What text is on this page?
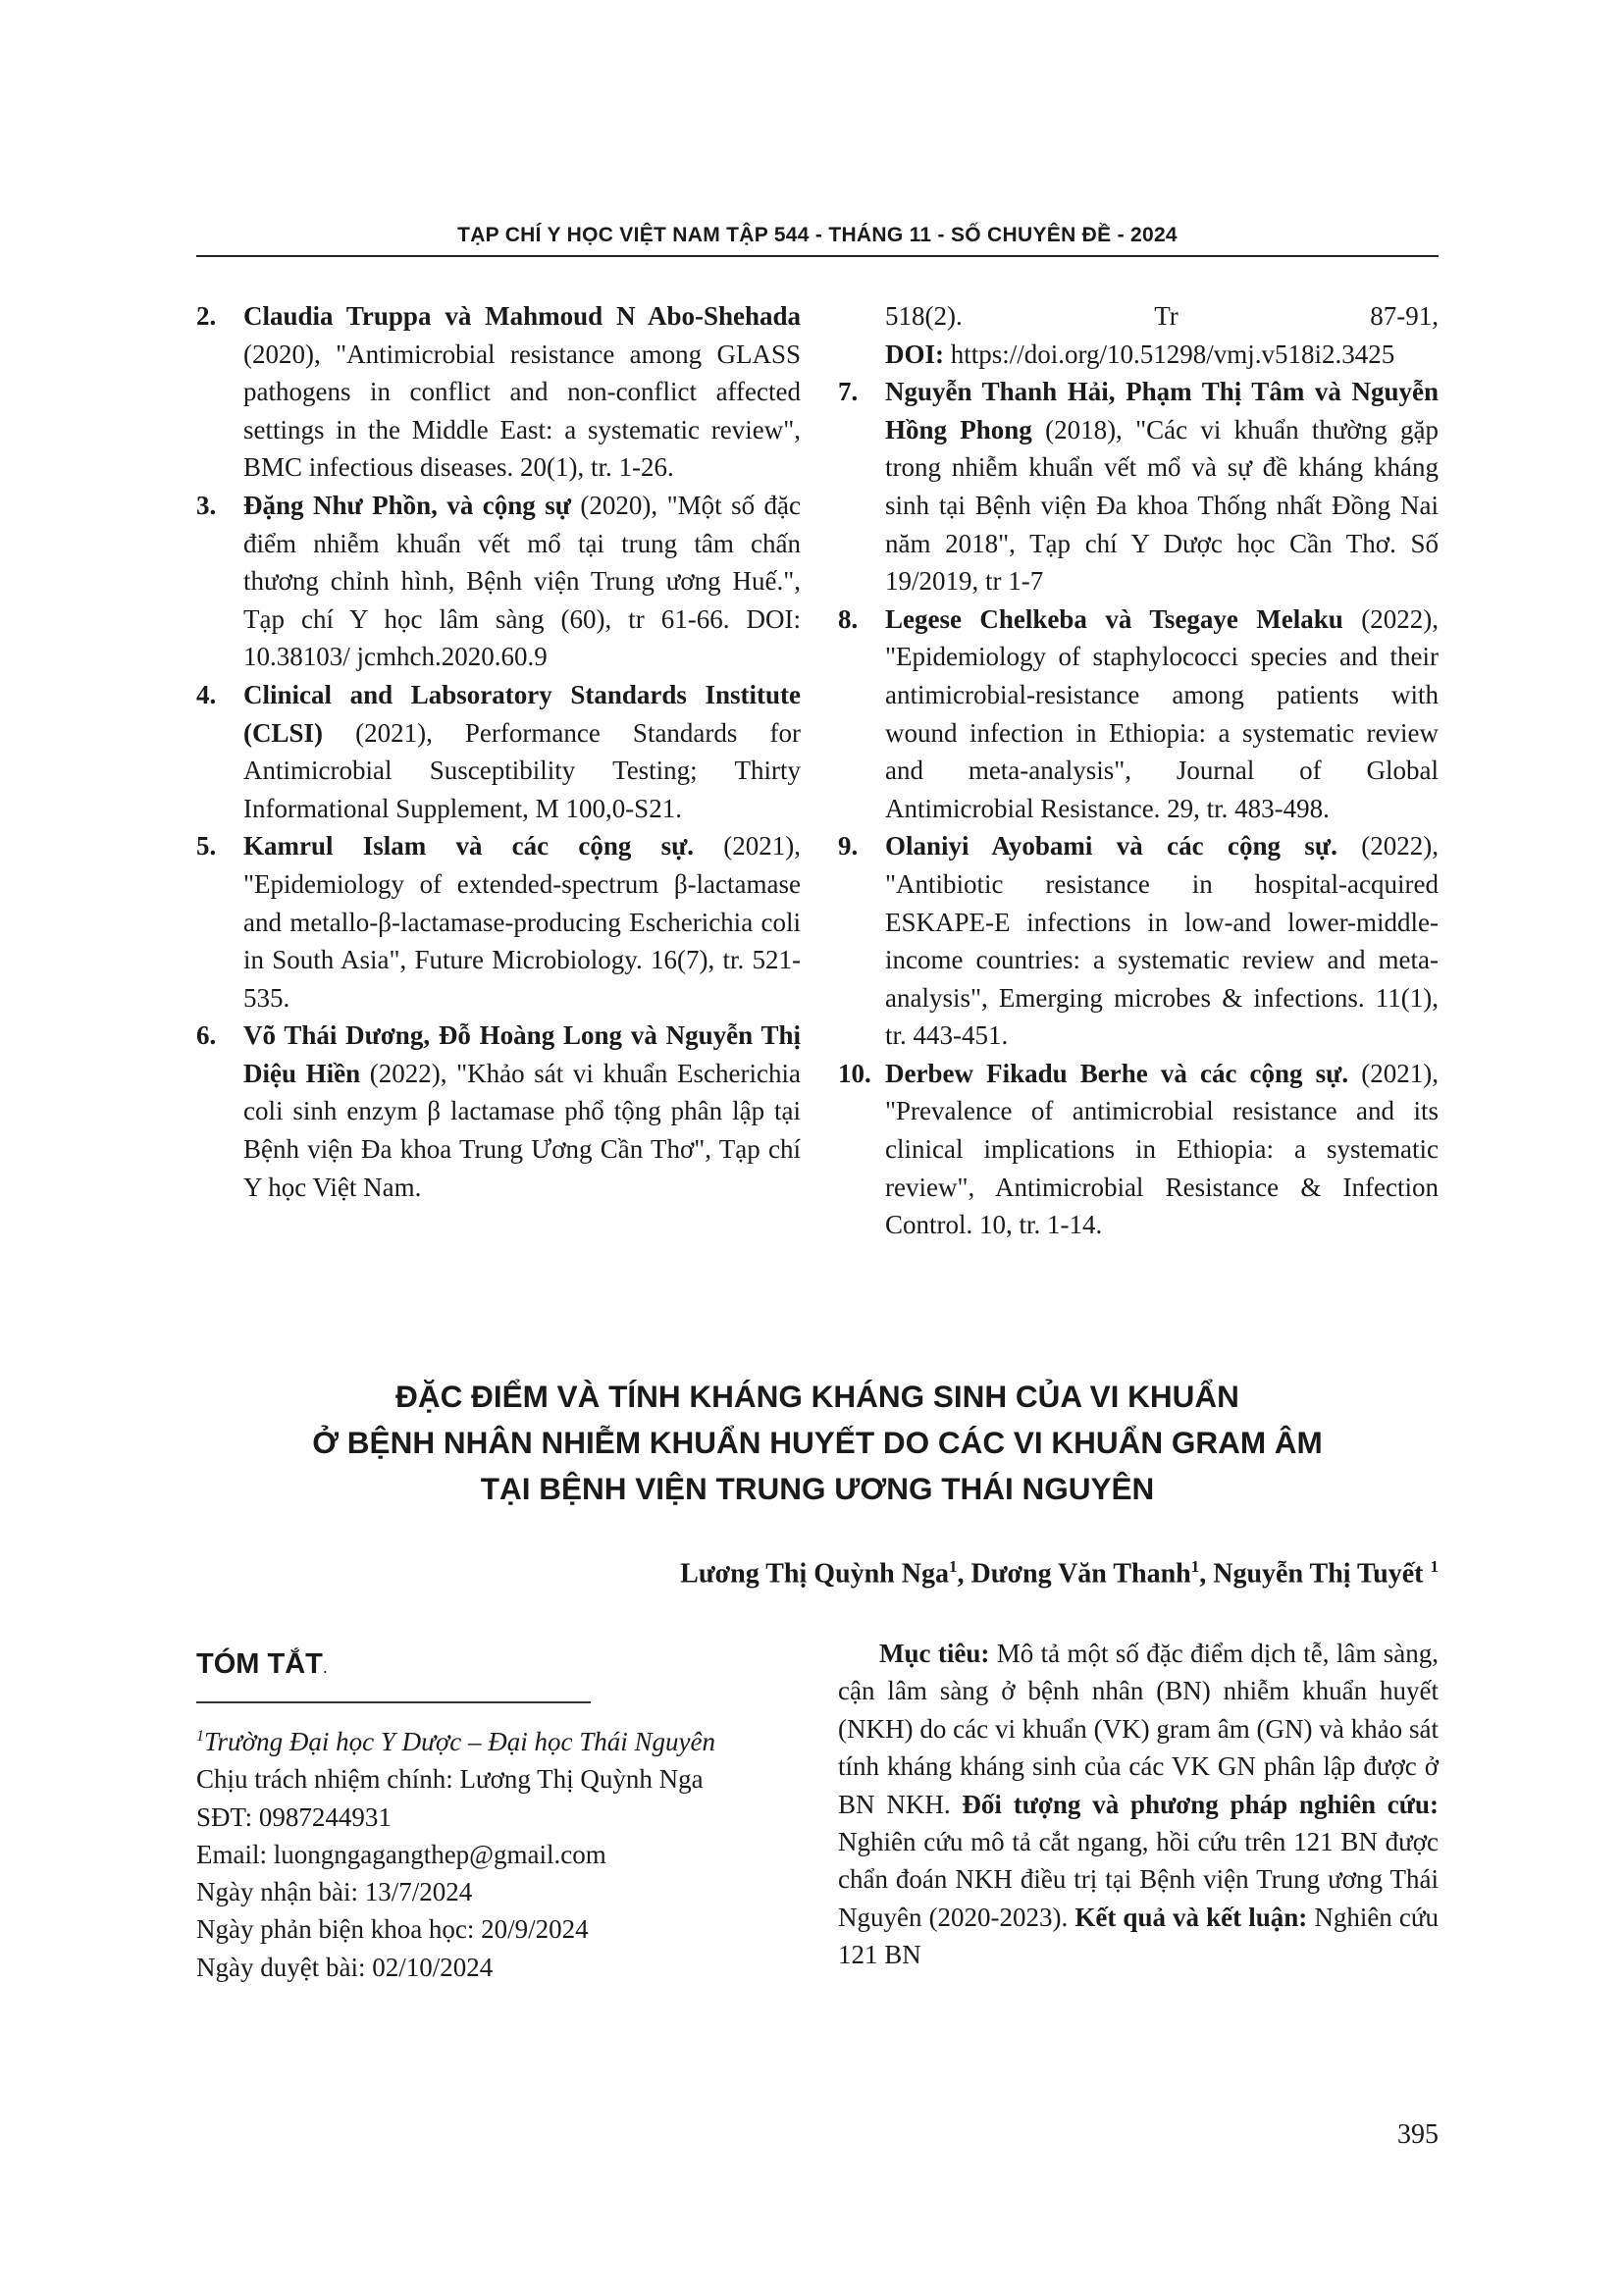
TẠP CHÍ Y HỌC VIỆT NAM TẬP 544 - THÁNG 11 - SỐ CHUYÊN ĐỀ - 2024
2. Claudia Truppa và Mahmoud N Abo-Shehada (2020), "Antimicrobial resistance among GLASS pathogens in conflict and non-conflict affected settings in the Middle East: a systematic review", BMC infectious diseases. 20(1), tr. 1-26.
3. Đặng Như Phồn, và cộng sự (2020), "Một số đặc điểm nhiễm khuẩn vết mổ tại trung tâm chấn thương chỉnh hình, Bệnh viện Trung ương Huế.", Tạp chí Y học lâm sàng (60), tr 61-66. DOI: 10.38103/ jcmhch.2020.60.9
4. Clinical and Labsoratory Standards Institute (CLSI) (2021), Performance Standards for Antimicrobial Susceptibility Testing; Thirty Informational Supplement, M 100,0-S21.
5. Kamrul Islam và các cộng sự. (2021), "Epidemiology of extended-spectrum β-lactamase and metallo-β-lactamase-producing Escherichia coli in South Asia", Future Microbiology. 16(7), tr. 521-535.
6. Võ Thái Dương, Đỗ Hoàng Long và Nguyễn Thị Diệu Hiền (2022), "Khảo sát vi khuẩn Escherichia coli sinh enzym β lactamase phổ tộng phân lập tại Bệnh viện Đa khoa Trung Ương Cần Thơ", Tạp chí Y học Việt Nam.
518(2).	Tr	87-91,
DOI: https://doi.org/10.51298/vmj.v518i2.3425
7. Nguyễn Thanh Hải, Phạm Thị Tâm và Nguyễn Hồng Phong (2018), "Các vi khuẩn thường gặp trong nhiễm khuẩn vết mổ và sự đề kháng kháng sinh tại Bệnh viện Đa khoa Thống nhất Đồng Nai năm 2018", Tạp chí Y Dược học Cần Thơ. Số 19/2019, tr 1-7
8. Legese Chelkeba và Tsegaye Melaku (2022), "Epidemiology of staphylococci species and their antimicrobial-resistance among patients with wound infection in Ethiopia: a systematic review and meta-analysis", Journal of Global Antimicrobial Resistance. 29, tr. 483-498.
9. Olaniyi Ayobami và các cộng sự. (2022), "Antibiotic resistance in hospital-acquired ESKAPE-E infections in low-and lower-middle-income countries: a systematic review and meta-analysis", Emerging microbes & infections. 11(1), tr. 443-451.
10. Derbew Fikadu Berhe và các cộng sự. (2021), "Prevalence of antimicrobial resistance and its clinical implications in Ethiopia: a systematic review", Antimicrobial Resistance & Infection Control. 10, tr. 1-14.
ĐẶC ĐIỂM VÀ TÍNH KHÁNG KHÁNG SINH CỦA VI KHUẨN
Ở BỆNH NHÂN NHIỄM KHUẨN HUYẾT DO CÁC VI KHUẨN GRAM ÂM
TẠI BỆNH VIỆN TRUNG ƯƠNG THÁI NGUYÊN
Lương Thị Quỳnh Nga$^1$, Dương Văn Thanh$^1$, Nguyễn Thị Tuyết $^1$
TÓM TẮT.
$^1$Trường Đại học Y Dược – Đại học Thái Nguyên
Chịu trách nhiệm chính: Lương Thị Quỳnh Nga
SĐT: 0987244931
Email: luongngagangthep@gmail.com
Ngày nhận bài: 13/7/2024
Ngày phản biện khoa học: 20/9/2024
Ngày duyệt bài: 02/10/2024
Mục tiêu: Mô tả một số đặc điểm dịch tễ, lâm sàng, cận lâm sàng ở bệnh nhân (BN) nhiễm khuẩn huyết (NKH) do các vi khuẩn (VK) gram âm (GN) và khảo sát tính kháng kháng sinh của các VK GN phân lập được ở BN NKH. Đối tượng và phương pháp nghiên cứu: Nghiên cứu mô tả cắt ngang, hồi cứu trên 121 BN được chẩn đoán NKH điều trị tại Bệnh viện Trung ương Thái Nguyên (2020-2023). Kết quả và kết luận: Nghiên cứu 121 BN
395
